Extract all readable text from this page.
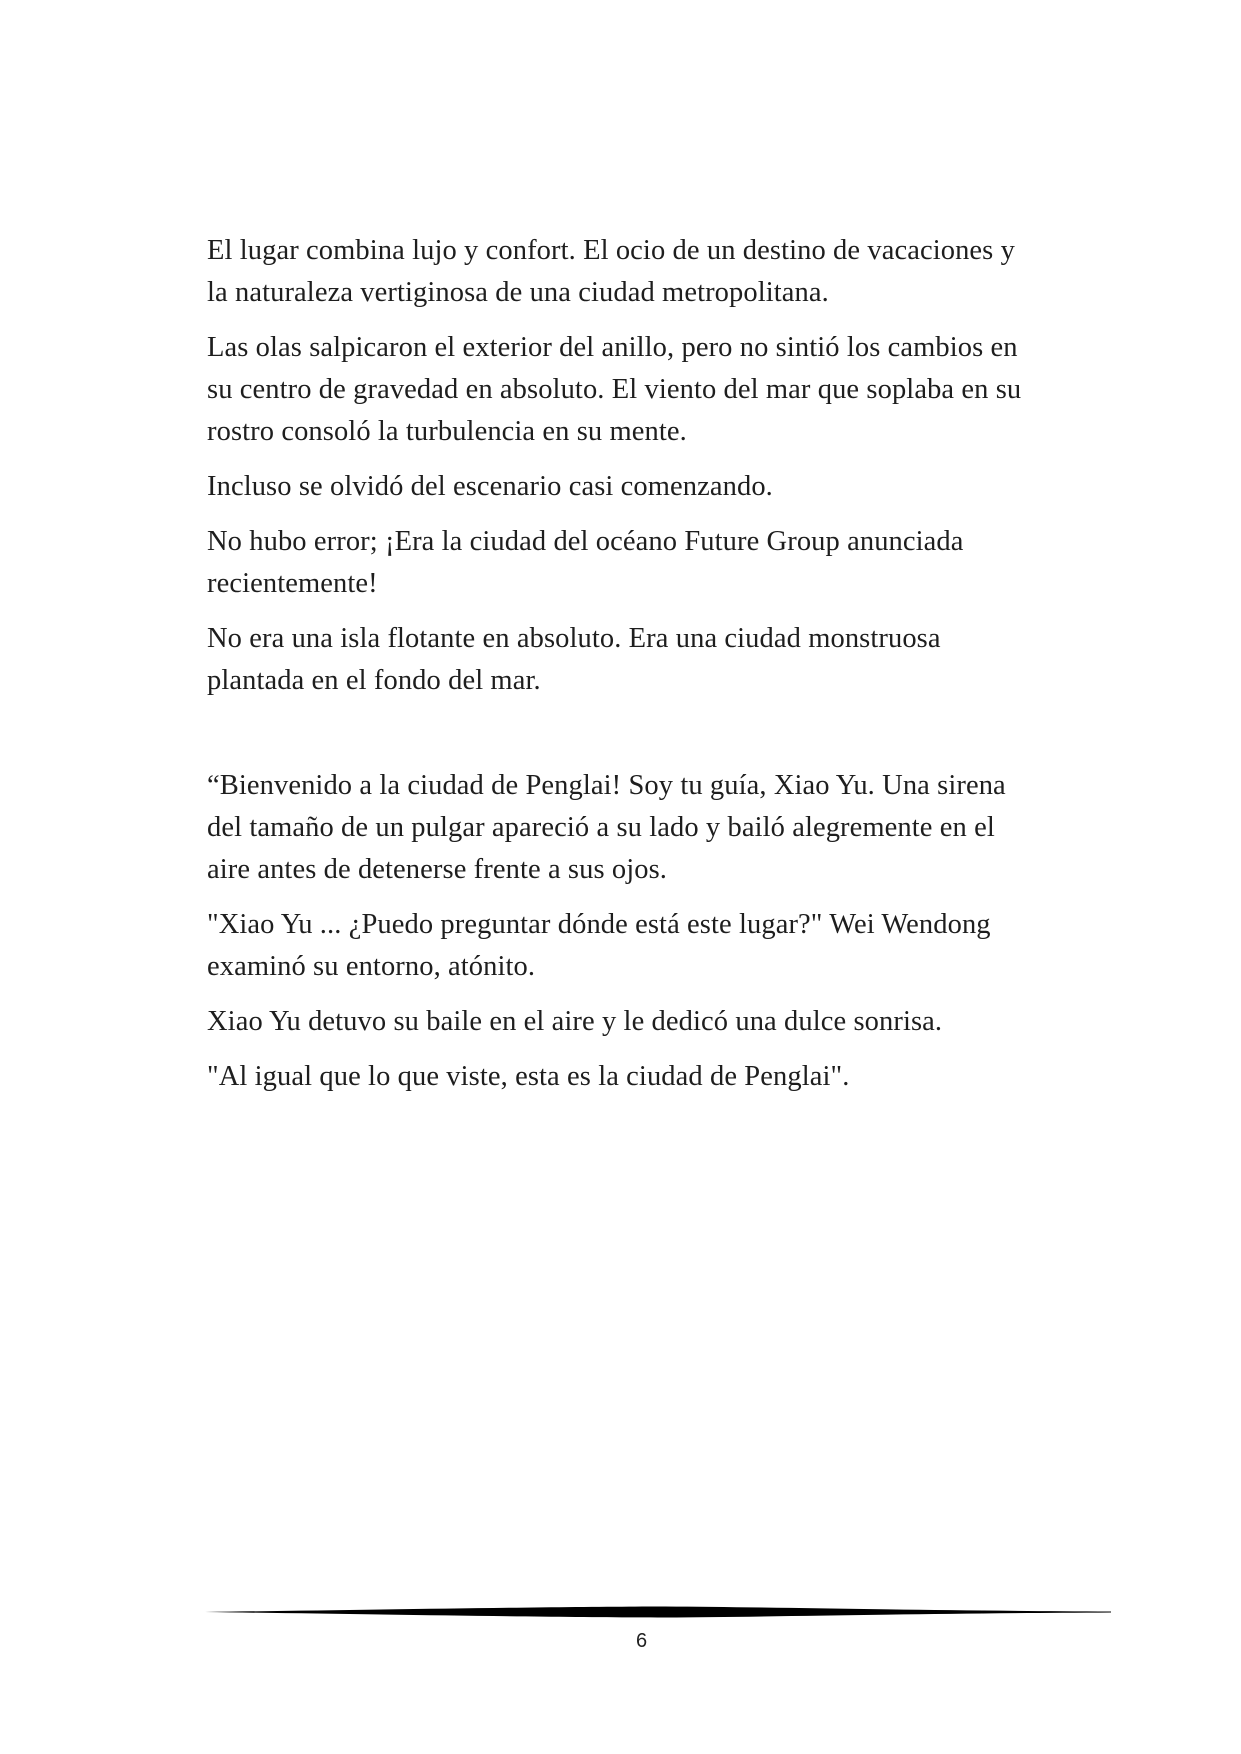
El lugar combina lujo y confort. El ocio de un destino de vacaciones y
la naturaleza vertiginosa de una ciudad metropolitana.

Las olas salpicaron el exterior del anillo, pero no sintió los cambios en
su centro de gravedad en absoluto. El viento del mar que soplaba en su
rostro consoló la turbulencia en su mente.

Incluso se olvidó del escenario casi comenzando.

No hubo error; ¡Era la ciudad del océano Future Group anunciada
recientemente!

No era una isla flotante en absoluto. Era una ciudad monstruosa
plantada en el fondo del mar.

“Bienvenido a la ciudad de Penglai! Soy tu guía, Xiao Yu. Una sirena
del tamaño de un pulgar apareció a su lado y bailó alegremente en el
aire antes de detenerse frente a sus ojos.

"Xiao Yu ... ¿Puedo preguntar dónde está este lugar?" Wei Wendong
examinó su entorno, atónito.

Xiao Yu detuvo su baile en el aire y le dedicó una dulce sonrisa.

"Al igual que lo que viste, esta es la ciudad de Penglai".

6
